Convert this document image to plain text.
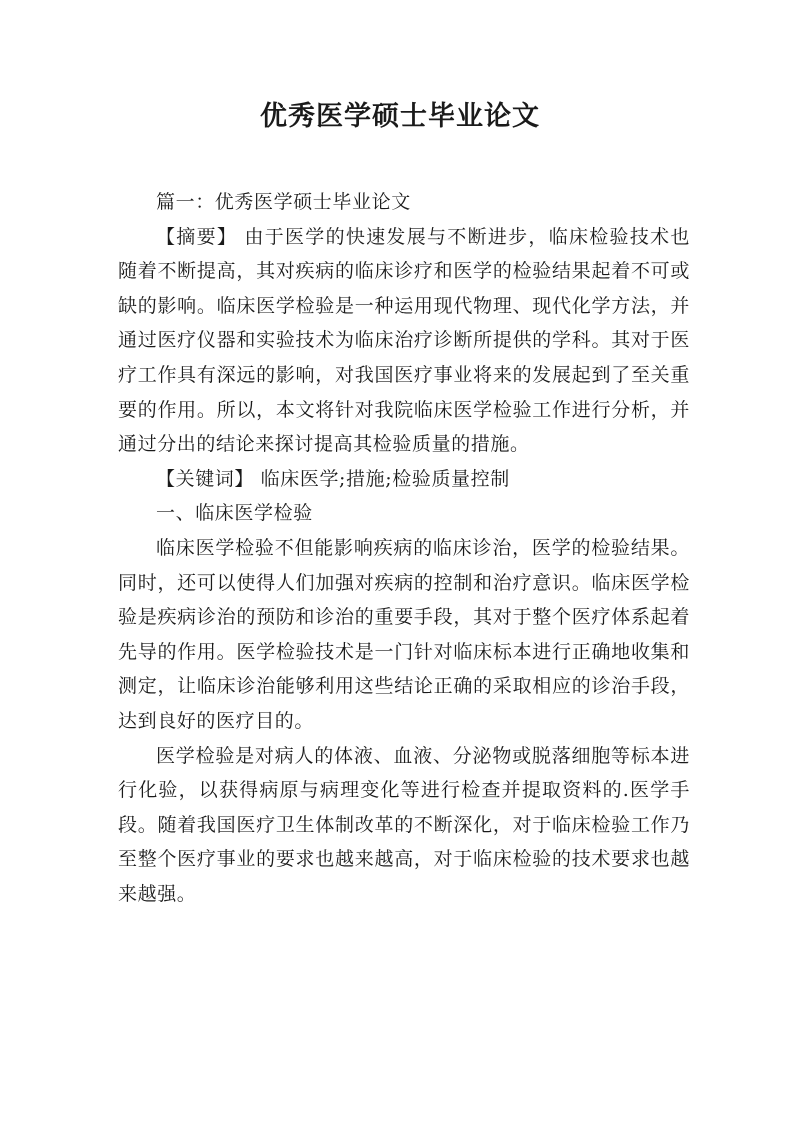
优秀医学硕士毕业论文

篇一：优秀医学硕士毕业论文

【摘要】 由于医学的快速发展与不断进步，临床检验技术也随着不断提高，其对疾病的临床诊疗和医学的检验结果起着不可或缺的影响。临床医学检验是一种运用现代物理、现代化学方法，并通过医疗仪器和实验技术为临床治疗诊断所提供的学科。其对于医疗工作具有深远的影响，对我国医疗事业将来的发展起到了至关重要的作用。所以，本文将针对我院临床医学检验工作进行分析，并通过分出的结论来探讨提高其检验质量的措施。

【关键词】 临床医学;措施;检验质量控制

一、临床医学检验

临床医学检验不但能影响疾病的临床诊治，医学的检验结果。同时，还可以使得人们加强对疾病的控制和治疗意识。临床医学检验是疾病诊治的预防和诊治的重要手段，其对于整个医疗体系起着先导的作用。医学检验技术是一门针对临床标本进行正确地收集和测定，让临床诊治能够利用这些结论正确的采取相应的诊治手段，达到良好的医疗目的。

医学检验是对病人的体液、血液、分泌物或脱落细胞等标本进行化验，以获得病原与病理变化等进行检查并提取资料的.医学手段。随着我国医疗卫生体制改革的不断深化，对于临床检验工作乃至整个医疗事业的要求也越来越高，对于临床检验的技术要求也越来越强。
